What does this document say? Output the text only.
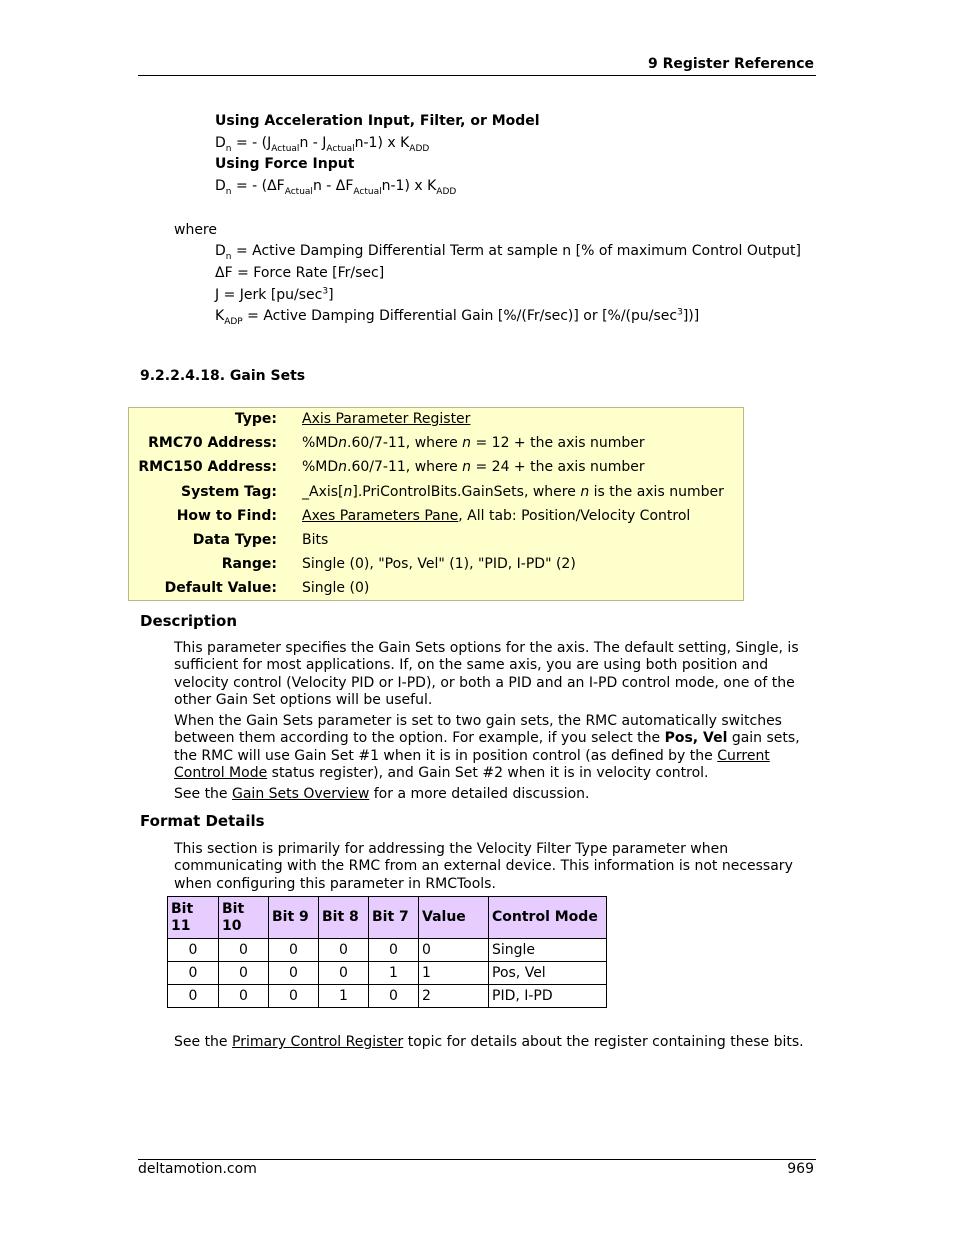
9 Register Reference
Using Acceleration Input, Filter, or Model
$D_n$ = - $(J_{Actual}n - J_{Actual}n-1)$ x $K_{ADD}$
Using Force Input
$D_n$ = - $(\Delta F_{Actual}n - \Delta F_{Actual}n-1)$ x $K_{ADD}$
where
$D_n$ = Active Damping Differential Term at sample n [% of maximum Control Output]
ΔF = Force Rate [Fr/sec]
J = Jerk $[pu/\sec^3]$
$K_{ADP}$ = Active Damping Differential Gain [%/(Fr/sec)] or $[\%/(pu/\sec^3])$]
9.2.2.4.18. Gain Sets
Type: Axis Parameter Register
RMC70 Address: %MDn.60/7-11, where n = 12 + the axis number
RMC150 Address: %MDn.60/7-11, where n = 24 + the axis number
System Tag: _Axis[n].PriControlBits.GainSets, where n is the axis number
How to Find: Axes Parameters Pane, All tab: Position/Velocity Control
Data Type: Bits
Range: Single (0), "Pos, Vel" (1), "PID, I-PD" (2)
Default Value: Single (0)
Description
This parameter specifies the Gain Sets options for the axis. The default setting, Single, is sufficient for most applications. If, on the same axis, you are using both position and velocity control (Velocity PID or I-PD), or both a PID and an I-PD control mode, one of the other Gain Set options will be useful.
When the Gain Sets parameter is set to two gain sets, the RMC automatically switches between them according to the option. For example, if you select the Pos, Vel gain sets, the RMC will use Gain Set #1 when it is in position control (as defined by the Current Control Mode status register), and Gain Set #2 when it is in velocity control.
See the Gain Sets Overview for a more detailed discussion.
Format Details
This section is primarily for addressing the Velocity Filter Type parameter when communicating with the RMC from an external device. This information is not necessary when configuring this parameter in RMCTools.
Bit 11	Bit 10	Bit 9	Bit 8	Bit 7	Value	Control Mode
0	0	0	0	0	0	Single
0	0	0	0	1	1	Pos, Vel
0	0	0	1	0	2	PID, I-PD
See the Primary Control Register topic for details about the register containing these bits.
deltamotion.com	969
